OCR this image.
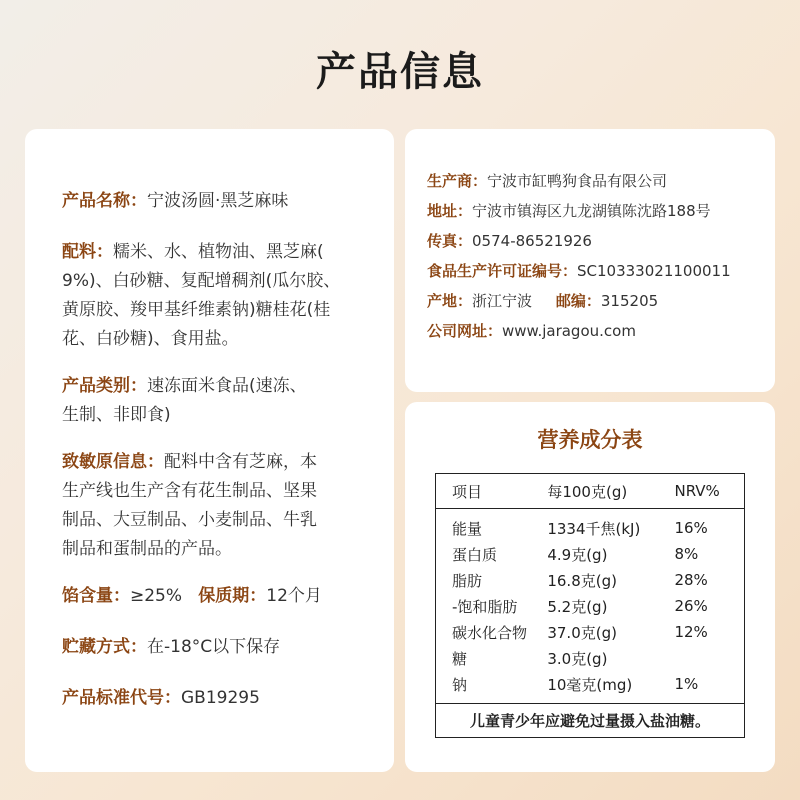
产品信息
产品名称：宁波汤圆·黑芝麻味
配料：糯米、水、植物油、黑芝麻(
9%)、白砂糖、复配增稠剂(瓜尔胶、
黄原胶、羧甲基纤维素钠)糖桂花(桂
花、白砂糖)、食用盐。
产品类别：速冻面米食品(速冻、
生制、非即食)
致敏原信息：配料中含有芝麻，本
生产线也生产含有花生制品、坚果
制品、大豆制品、小麦制品、牛乳
制品和蛋制品的产品。
馅含量：≥25% 保质期：12个月
贮藏方式：在-18°C以下保存
产品标准代号：GB19295
生产商：宁波市缸鸭狗食品有限公司
地址：宁波市镇海区九龙湖镇陈沈路188号
传真：0574-86521926
食品生产许可证编号：SC10333021100011
产地：浙江宁波 邮编：315205
公司网址：www.jaragou.com
营养成分表
项目	每100克(g)	NRV%
能量	1334千焦(kJ)	16%
蛋白质	4.9克(g)	8%
脂肪	16.8克(g)	28%
-饱和脂肪	5.2克(g)	26%
碳水化合物	37.0克(g)	12%
糖	3.0克(g)
钠	10毫克(mg)	1%
儿童青少年应避免过量摄入盐油糖。
